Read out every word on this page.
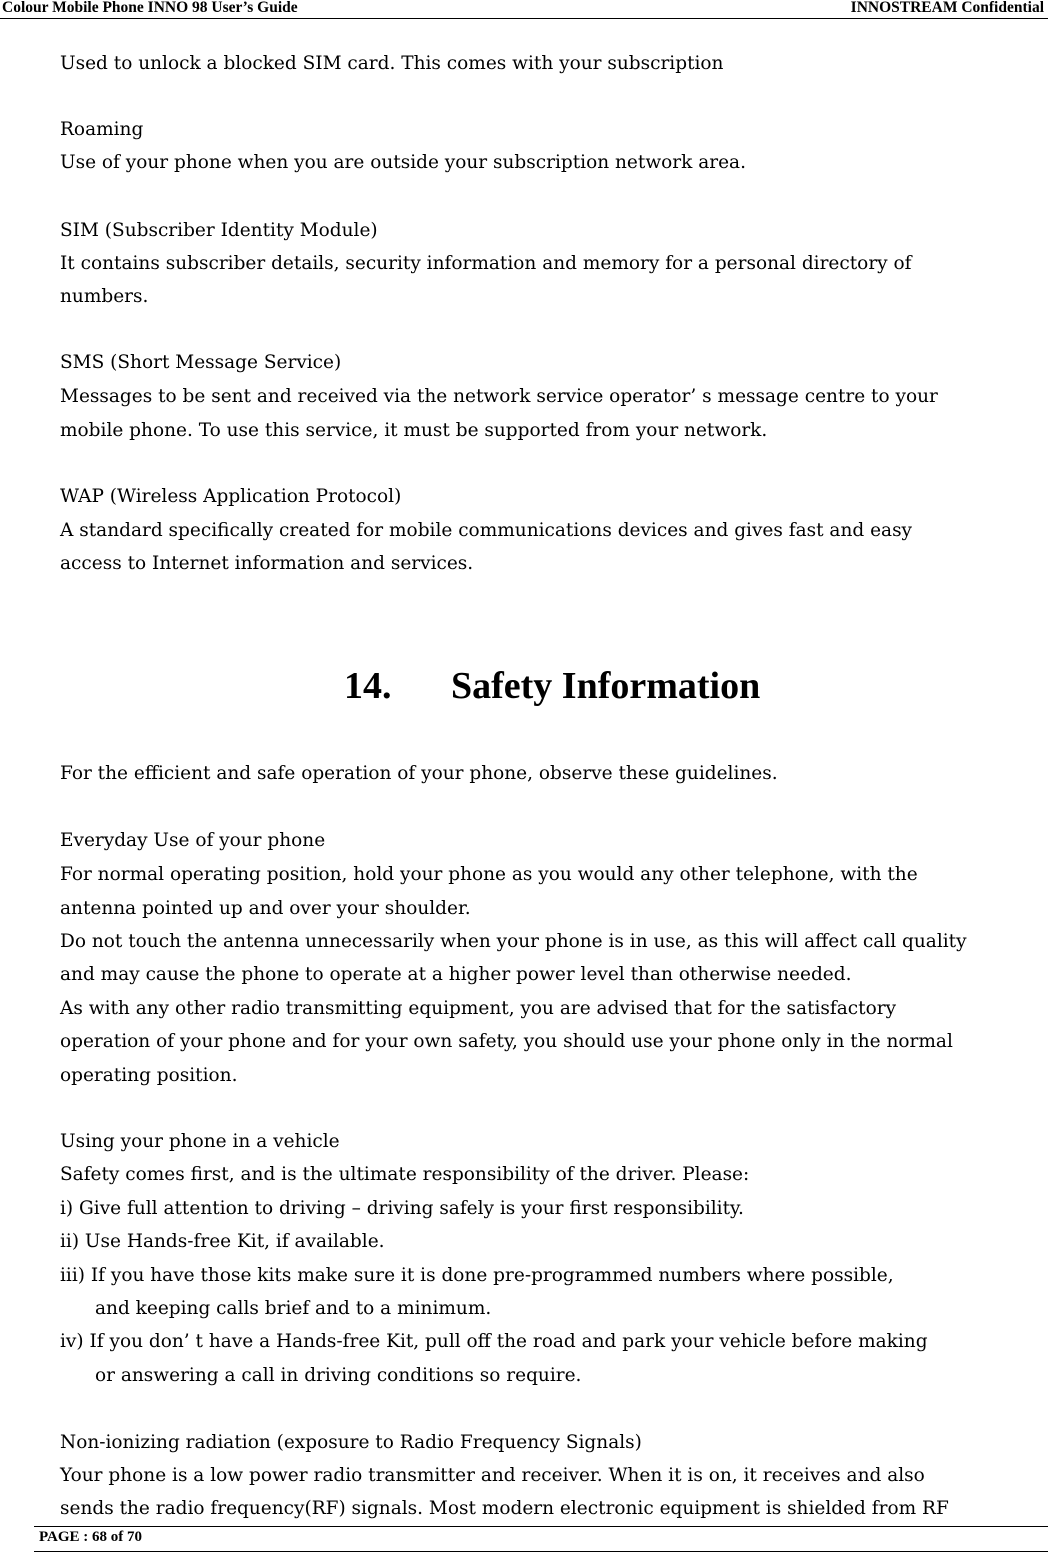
Colour Mobile Phone INNO 98 User’s Guide	INNOSTREAM Confidential
Used to unlock a blocked SIM card. This comes with your subscription
Roaming
Use of your phone when you are outside your subscription network area.
SIM (Subscriber Identity Module)
It contains subscriber details, security information and memory for a personal directory of
numbers.
SMS (Short Message Service)
Messages to be sent and received via the network service operator’ s message centre to your
mobile phone. To use this service, it must be supported from your network.
WAP (Wireless Application Protocol)
A standard specifically created for mobile communications devices and gives fast and easy
access to Internet information and services.
14. Safety Information
For the efficient and safe operation of your phone, observe these guidelines.
Everyday Use of your phone
For normal operating position, hold your phone as you would any other telephone, with the
antenna pointed up and over your shoulder.
Do not touch the antenna unnecessarily when your phone is in use, as this will affect call quality
and may cause the phone to operate at a higher power level than otherwise needed.
As with any other radio transmitting equipment, you are advised that for the satisfactory
operation of your phone and for your own safety, you should use your phone only in the normal
operating position.
Using your phone in a vehicle
Safety comes first, and is the ultimate responsibility of the driver. Please:
i) Give full attention to driving – driving safely is your first responsibility.
ii) Use Hands-free Kit, if available.
iii) If you have those kits make sure it is done pre-programmed numbers where possible,
and keeping calls brief and to a minimum.
iv) If you don’ t have a Hands-free Kit, pull off the road and park your vehicle before making
or answering a call in driving conditions so require.
Non-ionizing radiation (exposure to Radio Frequency Signals)
Your phone is a low power radio transmitter and receiver. When it is on, it receives and also
sends the radio frequency(RF) signals. Most modern electronic equipment is shielded from RF
PAGE : 68 of 70
